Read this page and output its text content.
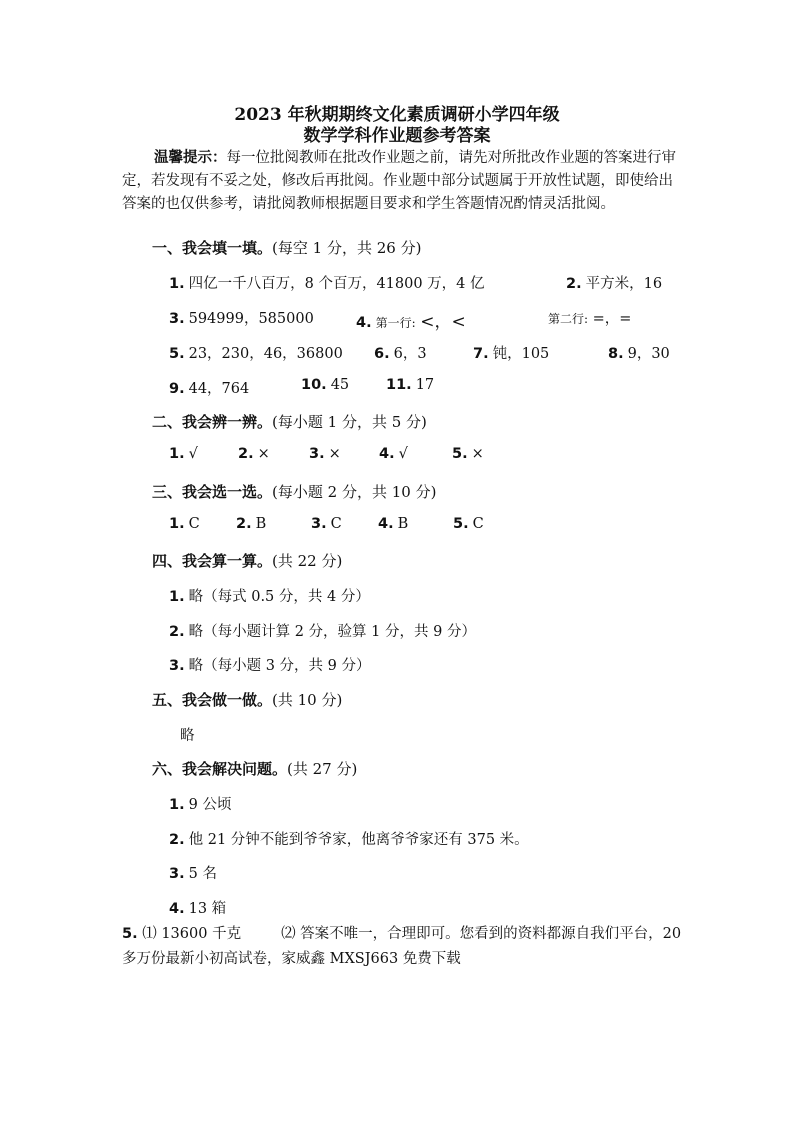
2023 年秋期期终文化素质调研小学四年级
数学学科作业题参考答案
温馨提示：每一位批阅教师在批改作业题之前，请先对所批改作业题的答案进行审定，若发现有不妥之处，修改后再批阅。作业题中部分试题属于开放性试题，即使给出答案的也仅供参考，请批阅教师根据题目要求和学生答题情况酌情灵活批阅。
一、我会填一填。(每空 1 分，共 26 分)
1. 四亿一千八百万，8 个百万，41800 万，4 亿	2. 平方米，16
3. 594999，585000	4. 第一行: <，<	第二行: =，=
5. 23，230，46，36800 6. 6，3	7. 钝，105	8. 9，30
9. 44，764	10. 45	11. 17
二、我会辨一辨。(每小题 1 分，共 5 分)
1. √	2. ×	3. ×	4. √	5. ×
三、我会选一选。(每小题 2 分，共 10 分)
1. C	2. B	3. C	4. B	5. C
四、我会算一算。(共 22 分)
1. 略（每式 0.5 分，共 4 分）
2. 略（每小题计算 2 分，验算 1 分，共 9 分）
3. 略（每小题 3 分，共 9 分）
五、我会做一做。(共 10 分)
略
六、我会解决问题。(共 27 分)
1. 9 公顷
2. 他 21 分钟不能到爷爷家，他离爷爷家还有 375 米。
3. 5 名
4. 13 箱
5. ⑴ 13600 千克	⑵ 答案不唯一，合理即可。您看到的资料都源自我们平台，20 多万份最新小初高试卷，家威鑫 MXSJ663 免费下载
